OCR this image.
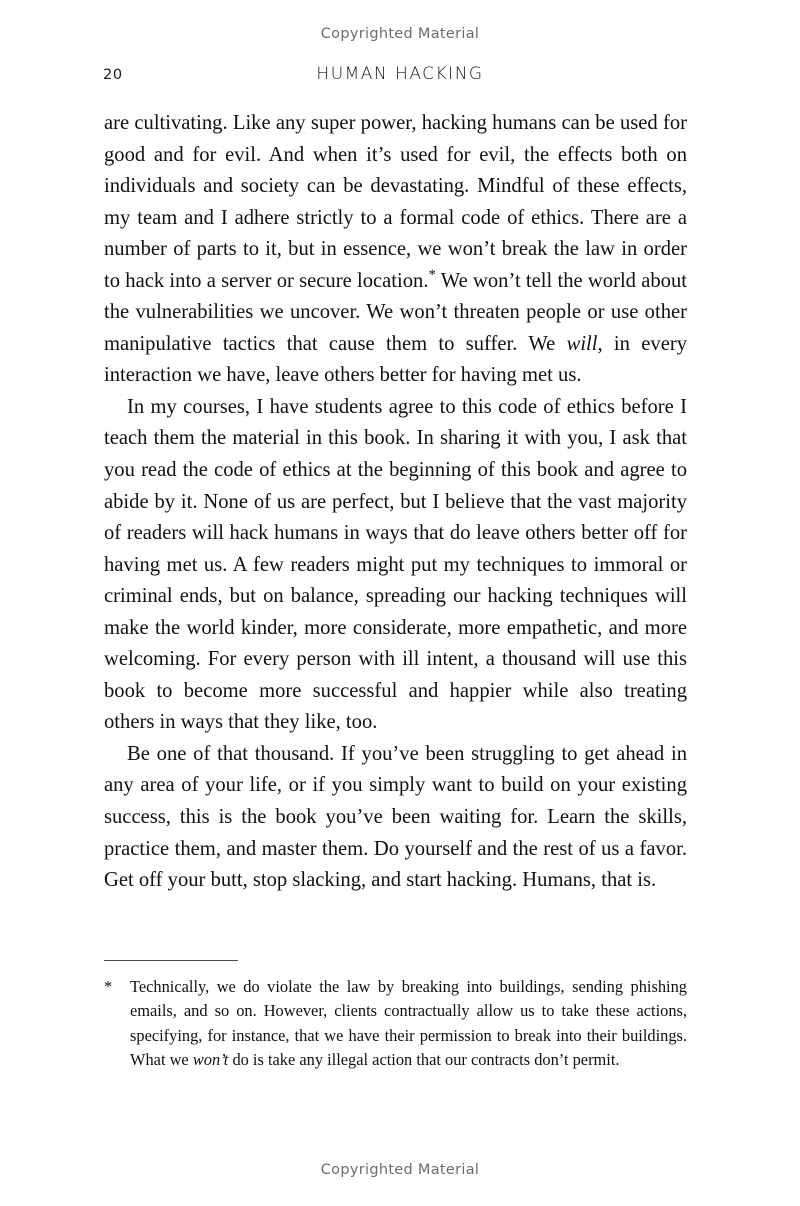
Copyrighted Material
20	HUMAN HACKING

are cultivating. Like any super power, hacking humans can be used for good and for evil. And when it’s used for evil, the effects both on individuals and society can be devastating. Mindful of these effects, my team and I adhere strictly to a formal code of ethics. There are a number of parts to it, but in essence, we won’t break the law in order to hack into a server or secure location.* We won’t tell the world about the vulnerabilities we uncover. We won’t threaten people or use other manipulative tactics that cause them to suffer. We will, in every interaction we have, leave others better for having met us.

In my courses, I have students agree to this code of ethics before I teach them the material in this book. In sharing it with you, I ask that you read the code of ethics at the beginning of this book and agree to abide by it. None of us are perfect, but I believe that the vast majority of readers will hack humans in ways that do leave others better off for having met us. A few readers might put my techniques to immoral or criminal ends, but on balance, spreading our hacking techniques will make the world kinder, more considerate, more empathetic, and more welcoming. For every person with ill intent, a thousand will use this book to become more successful and happier while also treating others in ways that they like, too.

Be one of that thousand. If you’ve been struggling to get ahead in any area of your life, or if you simply want to build on your existing success, this is the book you’ve been waiting for. Learn the skills, practice them, and master them. Do yourself and the rest of us a favor. Get off your butt, stop slacking, and start hacking. Humans, that is.

* Technically, we do violate the law by breaking into buildings, sending phishing emails, and so on. However, clients contractually allow us to take these actions, specifying, for instance, that we have their permission to break into their buildings. What we won’t do is take any illegal action that our contracts don’t permit.

Copyrighted Material
